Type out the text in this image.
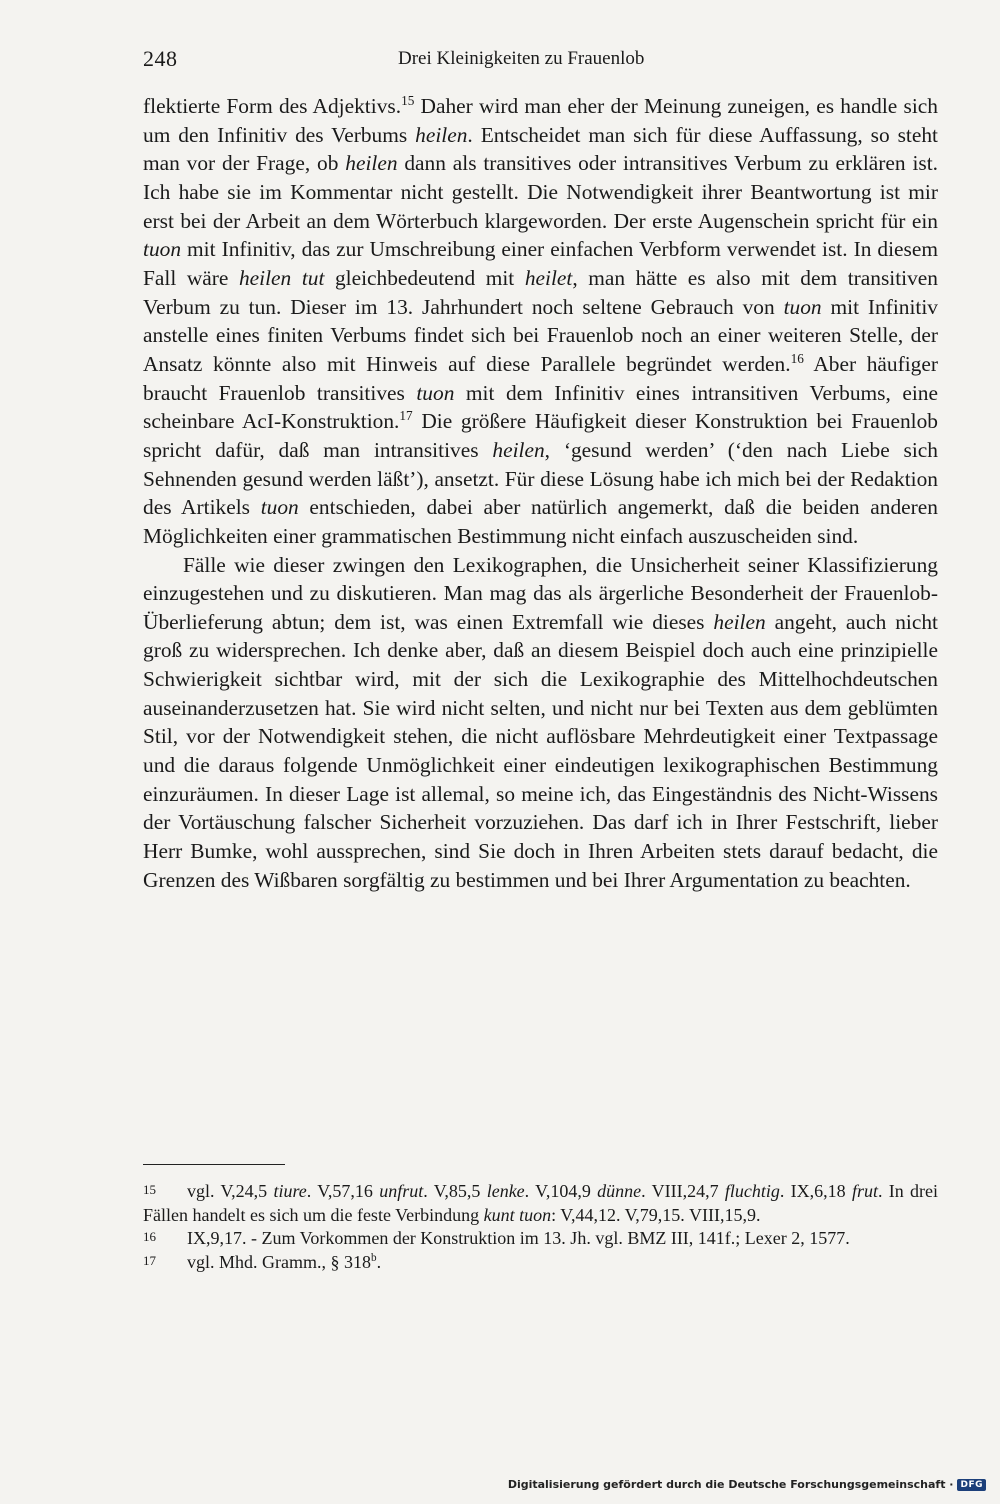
248	Drei Kleinigkeiten zu Frauenlob

flektierte Form des Adjektivs.$^{15}$ Daher wird man eher der Meinung zuneigen, es handle sich um den Infinitiv des Verbums heilen. Entscheidet man sich für diese Auffassung, so steht man vor der Frage, ob heilen dann als transitives oder intransitives Verbum zu erklären ist. Ich habe sie im Kommentar nicht gestellt. Die Notwendigkeit ihrer Beantwortung ist mir erst bei der Arbeit an dem Wörterbuch klargeworden. Der erste Augenschein spricht für ein tuon mit Infinitiv, das zur Umschreibung einer einfachen Verbform verwendet ist. In diesem Fall wäre heilen tut gleichbedeutend mit heilet, man hätte es also mit dem transitiven Verbum zu tun. Dieser im 13. Jahrhundert noch seltene Gebrauch von tuon mit Infinitiv anstelle eines finiten Verbums findet sich bei Frauenlob noch an einer weiteren Stelle, der Ansatz könnte also mit Hinweis auf diese Parallele begründet werden.$^{16}$ Aber häufiger braucht Frauenlob transitives tuon mit dem Infinitiv eines intransitiven Verbums, eine scheinbare AcI-Konstruktion.$^{17}$ Die größere Häufigkeit dieser Konstruktion bei Frauenlob spricht dafür, daß man intransitives heilen, ‘gesund werden’ (‘den nach Liebe sich Sehnenden gesund werden läßt’), ansetzt. Für diese Lösung habe ich mich bei der Redaktion des Artikels tuon entschieden, dabei aber natürlich angemerkt, daß die beiden anderen Möglichkeiten einer grammatischen Bestimmung nicht einfach auszuscheiden sind.

Fälle wie dieser zwingen den Lexikographen, die Unsicherheit seiner Klassifizierung einzugestehen und zu diskutieren. Man mag das als ärgerliche Besonderheit der Frauenlob-Überlieferung abtun; dem ist, was einen Extremfall wie dieses heilen angeht, auch nicht groß zu widersprechen. Ich denke aber, daß an diesem Beispiel doch auch eine prinzipielle Schwierigkeit sichtbar wird, mit der sich die Lexikographie des Mittelhochdeutschen auseinanderzusetzen hat. Sie wird nicht selten, und nicht nur bei Texten aus dem geblümten Stil, vor der Notwendigkeit stehen, die nicht auflösbare Mehrdeutigkeit einer Textpassage und die daraus folgende Unmöglichkeit einer eindeutigen lexikographischen Bestimmung einzuräumen. In dieser Lage ist allemal, so meine ich, das Eingeständnis des Nicht-Wissens der Vortäuschung falscher Sicherheit vorzuziehen. Das darf ich in Ihrer Festschrift, lieber Herr Bumke, wohl aussprechen, sind Sie doch in Ihren Arbeiten stets darauf bedacht, die Grenzen des Wißbaren sorgfältig zu bestimmen und bei Ihrer Argumentation zu beachten.

15	vgl. V,24,5 tiure. V,57,16 unfrut. V,85,5 lenke. V,104,9 dünne. VIII,24,7 fluchtig. IX,6,18 frut. In drei Fällen handelt es sich um die feste Verbindung kunt tuon: V,44,12. V,79,15. VIII,15,9.
16	IX,9,17. - Zum Vorkommen der Konstruktion im 13. Jh. vgl. BMZ III, 141f.; Lexer 2, 1577.
17	vgl. Mhd. Gramm., § 318$^b$.
Digitalisierung gefördert durch die Deutsche Forschungsgemeinschaft · DFG
